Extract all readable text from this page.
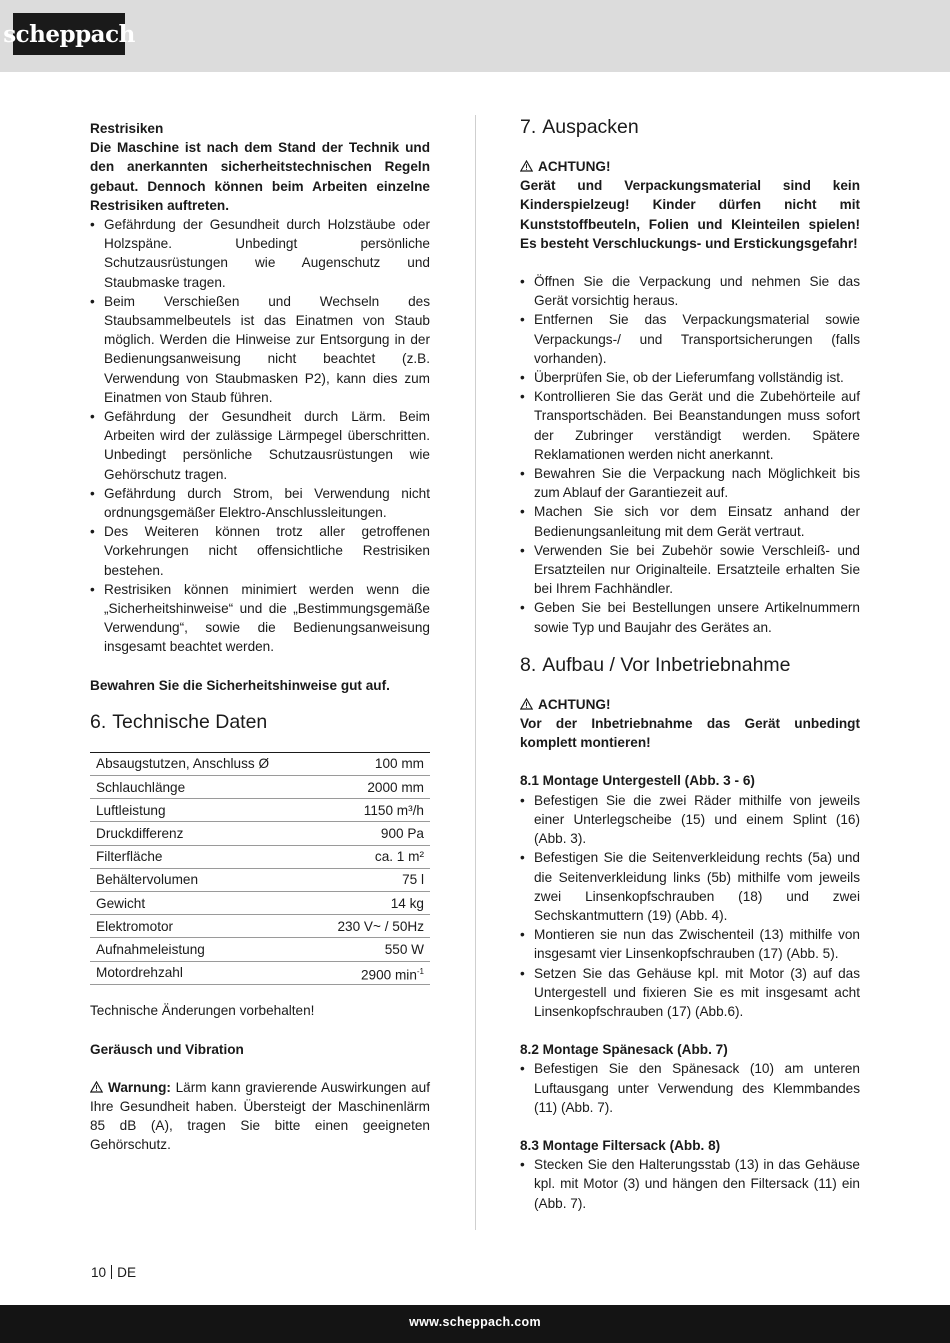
scheppach
Restrisiken
Die Maschine ist nach dem Stand der Technik und den anerkannten sicherheitstechnischen Regeln gebaut. Dennoch können beim Arbeiten einzelne Restrisiken auftreten.
• Gefährdung der Gesundheit durch Holzstäube oder Holzspäne. Unbedingt persönliche Schutzausrüstungen wie Augenschutz und Staubmaske tragen.
• Beim Verschießen und Wechseln des Staubsammelbeutels ist das Einatmen von Staub möglich. Werden die Hinweise zur Entsorgung in der Bedienungsanweisung nicht beachtet (z.B. Verwendung von Staubmasken P2), kann dies zum Einatmen von Staub führen.
• Gefährdung der Gesundheit durch Lärm. Beim Arbeiten wird der zulässige Lärmpegel überschritten. Unbedingt persönliche Schutzausrüstungen wie Gehörschutz tragen.
• Gefährdung durch Strom, bei Verwendung nicht ordnungsgemäßer Elektro-Anschlussleitungen.
• Des Weiteren können trotz aller getroffenen Vorkehrungen nicht offensichtliche Restrisiken bestehen.
• Restrisiken können minimiert werden wenn die „Sicherheitshinweise“ und die „Bestimmungsgemäße Verwendung“, sowie die Bedienungsanweisung insgesamt beachtet werden.
Bewahren Sie die Sicherheitshinweise gut auf.
6. Technische Daten
Absaugstutzen, Anschluss Ø	100 mm
Schlauchlänge	2000 mm
Luftleistung	1150 m³/h
Druckdifferenz	900 Pa
Filterfläche	ca. 1 m²
Behältervolumen	75 l
Gewicht	14 kg
Elektromotor	230 V~ / 50Hz
Aufnahmeleistung	550 W
Motordrehzahl	2900 $\min^{-1}$
Technische Änderungen vorbehalten!
Geräusch und Vibration
Warnung: Lärm kann gravierende Auswirkungen auf Ihre Gesundheit haben. Übersteigt der Maschinenlärm 85 dB (A), tragen Sie bitte einen geeigneten Gehörschutz.
7. Auspacken
ACHTUNG!
Gerät und Verpackungsmaterial sind kein Kinderspielzeug! Kinder dürfen nicht mit Kunststoffbeuteln, Folien und Kleinteilen spielen! Es besteht Verschluckungs- und Erstickungsgefahr!
• Öffnen Sie die Verpackung und nehmen Sie das Gerät vorsichtig heraus.
• Entfernen Sie das Verpackungsmaterial sowie Verpackungs-/ und Transportsicherungen (falls vorhanden).
• Überprüfen Sie, ob der Lieferumfang vollständig ist.
• Kontrollieren Sie das Gerät und die Zubehörteile auf Transportschäden. Bei Beanstandungen muss sofort der Zubringer verständigt werden. Spätere Reklamationen werden nicht anerkannt.
• Bewahren Sie die Verpackung nach Möglichkeit bis zum Ablauf der Garantiezeit auf.
• Machen Sie sich vor dem Einsatz anhand der Bedienungsanleitung mit dem Gerät vertraut.
• Verwenden Sie bei Zubehör sowie Verschleiß- und Ersatzteilen nur Originalteile. Ersatzteile erhalten Sie bei Ihrem Fachhändler.
• Geben Sie bei Bestellungen unsere Artikelnummern sowie Typ und Baujahr des Gerätes an.
8. Aufbau / Vor Inbetriebnahme
ACHTUNG!
Vor der Inbetriebnahme das Gerät unbedingt komplett montieren!
8.1 Montage Untergestell (Abb. 3 - 6)
• Befestigen Sie die zwei Räder mithilfe von jeweils einer Unterlegscheibe (15) und einem Splint (16) (Abb. 3).
• Befestigen Sie die Seitenverkleidung rechts (5a) und die Seitenverkleidung links (5b) mithilfe vom jeweils zwei Linsenkopfschrauben (18) und zwei Sechskantmuttern (19) (Abb. 4).
• Montieren sie nun das Zwischenteil (13) mithilfe von insgesamt vier Linsenkopfschrauben (17) (Abb. 5).
• Setzen Sie das Gehäuse kpl. mit Motor (3) auf das Untergestell und fixieren Sie es mit insgesamt acht Linsenkopfschrauben (17) (Abb.6).
8.2 Montage Spänesack (Abb. 7)
• Befestigen Sie den Spänesack (10) am unteren Luftausgang unter Verwendung des Klemmbandes (11) (Abb. 7).
8.3 Montage Filtersack (Abb. 8)
• Stecken Sie den Halterungsstab (13) in das Gehäuse kpl. mit Motor (3) und hängen den Filtersack (11) ein (Abb. 7).
10 DE
www.scheppach.com
